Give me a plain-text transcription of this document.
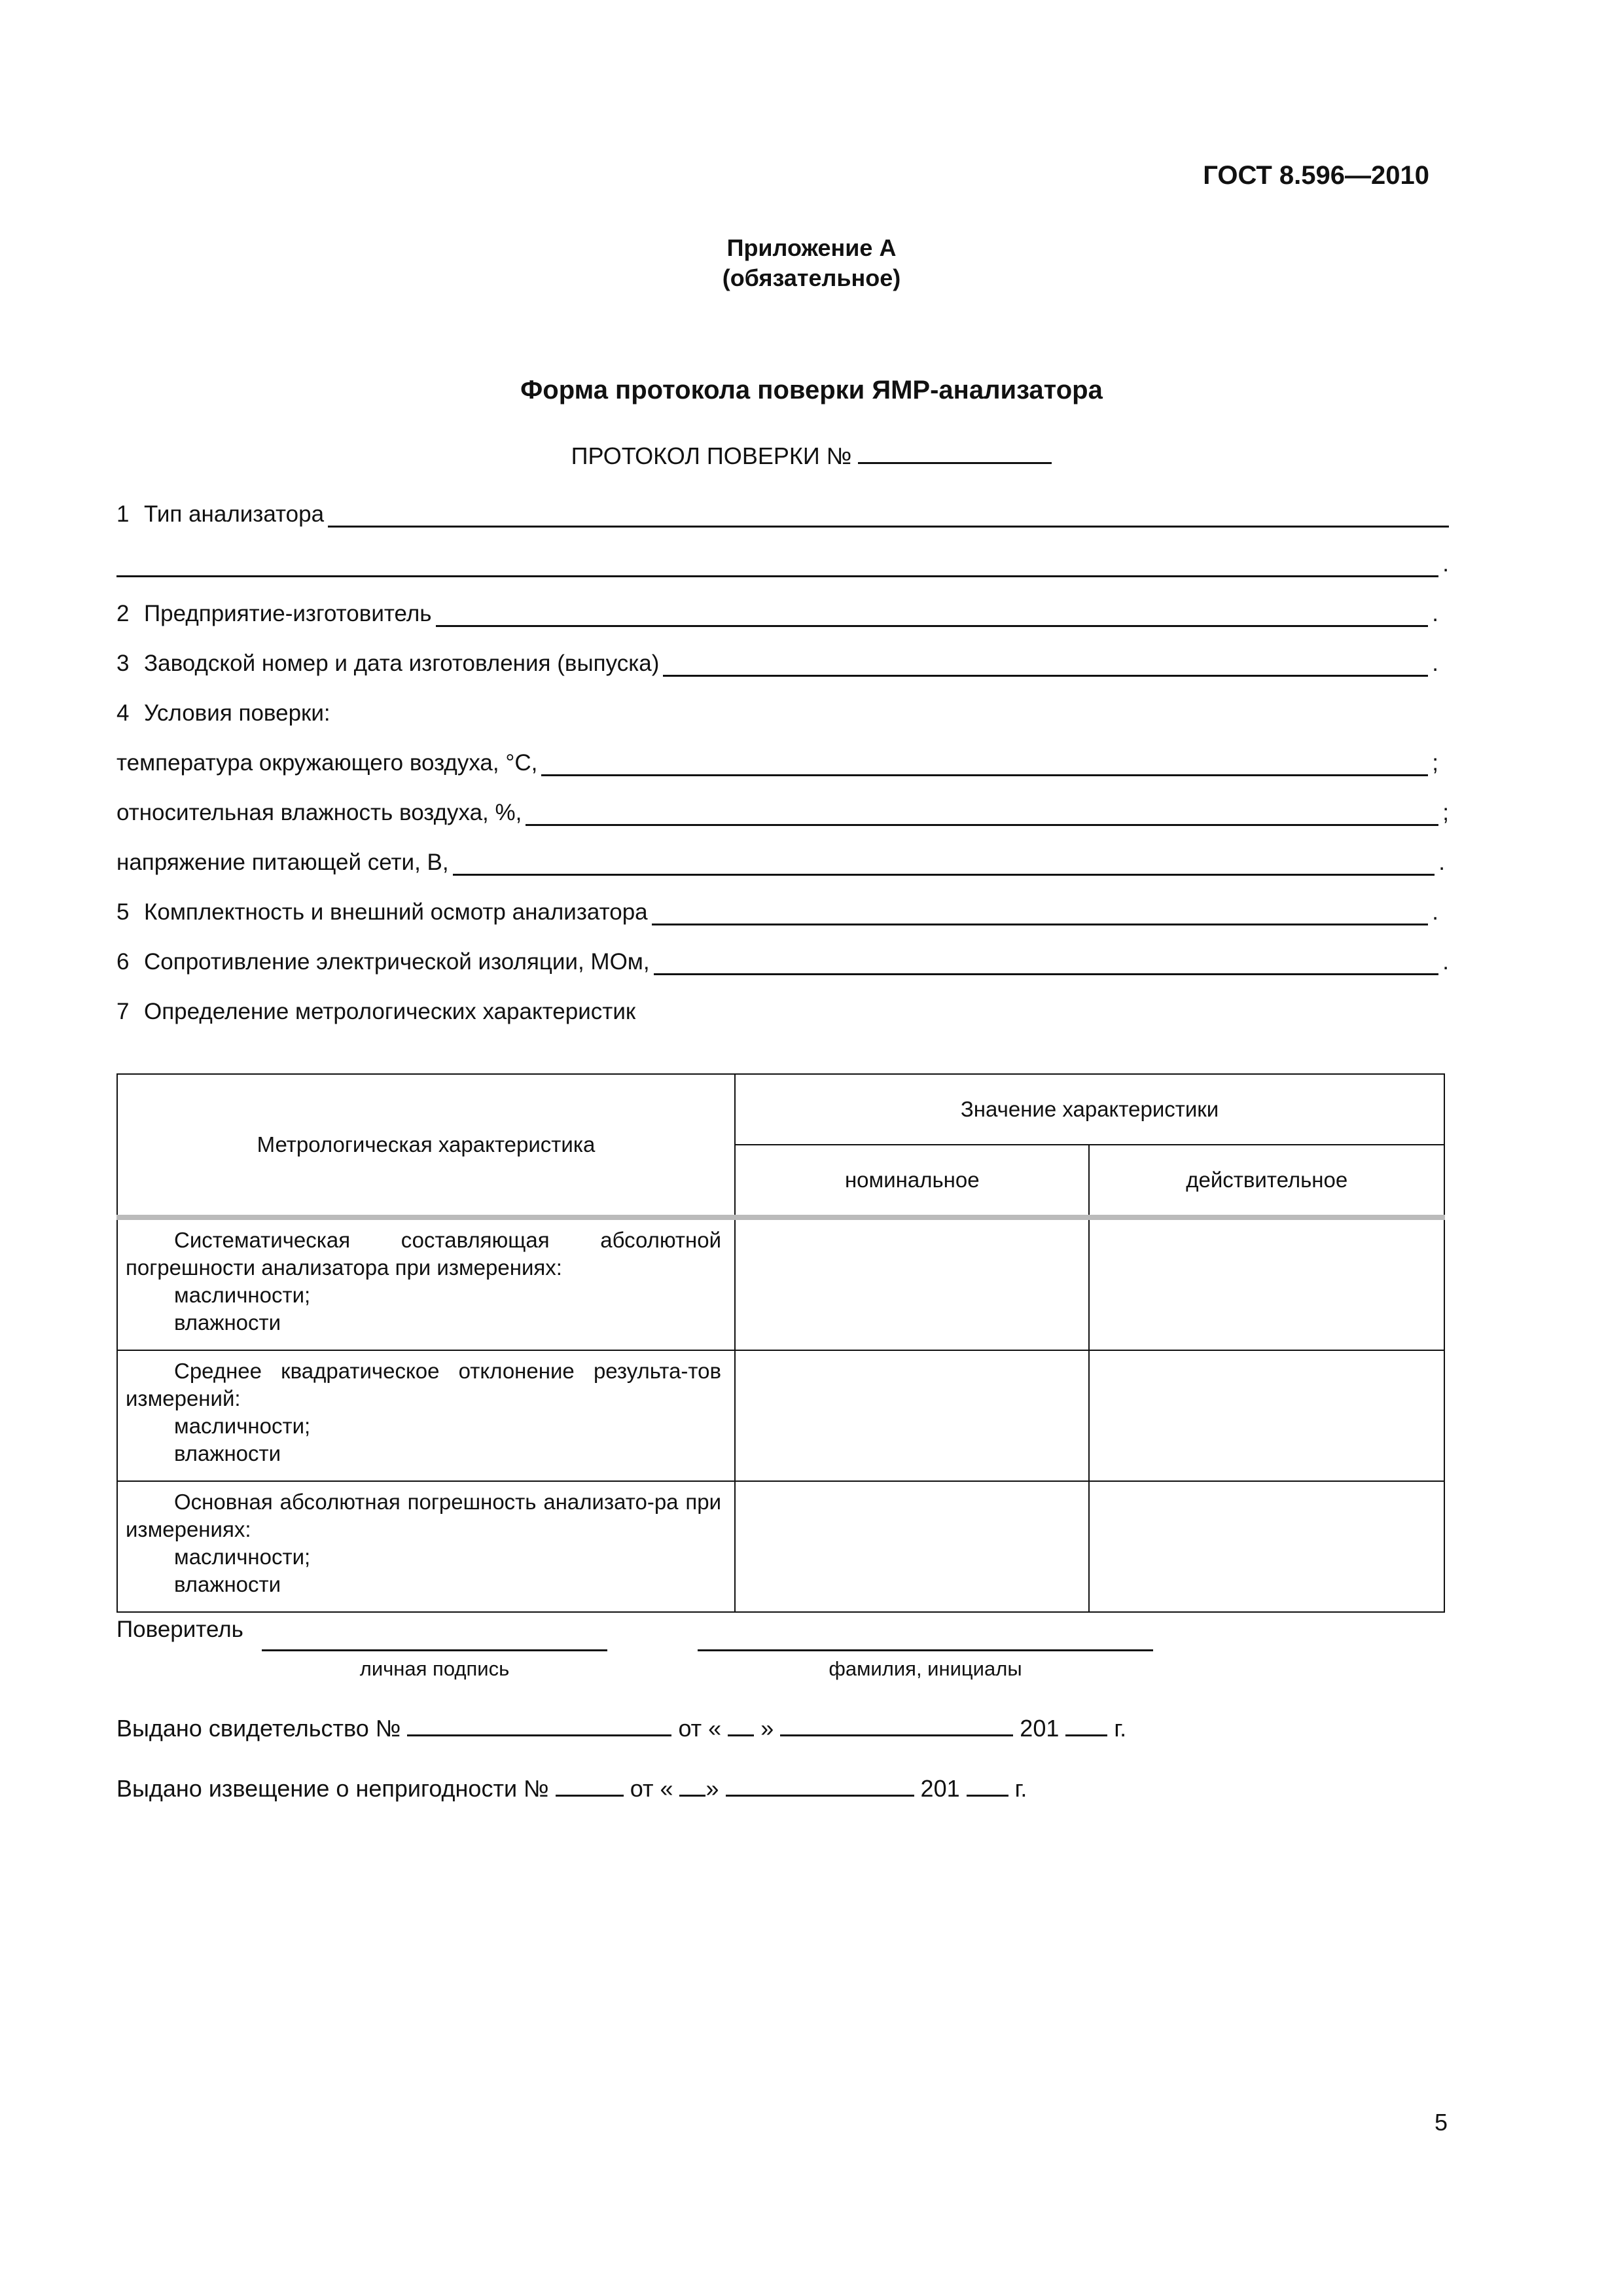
ГОСТ 8.596—2010
Приложение А
(обязательное)
Форма протокола поверки ЯМР-анализатора
ПРОТОКОЛ ПОВЕРКИ №
1 Тип анализатора
.
2 Предприятие-изготовитель	.
3 Заводской номер и дата изготовления (выпуска)	.
4 Условия поверки:
температура окружающего воздуха, °С,	;
относительная влажность воздуха, %,	;
напряжение питающей сети, В,	.
5 Комплектность и внешний осмотр анализатора	.
6 Сопротивление электрической изоляции, МОм,	.
7 Определение метрологических характеристик
Метрологическая характеристика	Значение характеристики	
	номинальное	действительное

Систематическая составляющая абсолютной погрешности анализатора при измерениях:
масличности;
влажности		

Среднее квадратическое отклонение результа-тов измерений:
масличности;
влажности		

Основная абсолютная погрешность анализато-ра при измерениях:
масличности;
влажности		

Поверитель
личная подпись	фамилия, инициалы
Выдано свидетельство №	от « »	201 г.
Выдано извещение о непригодности №	от « »	201 г.
5
